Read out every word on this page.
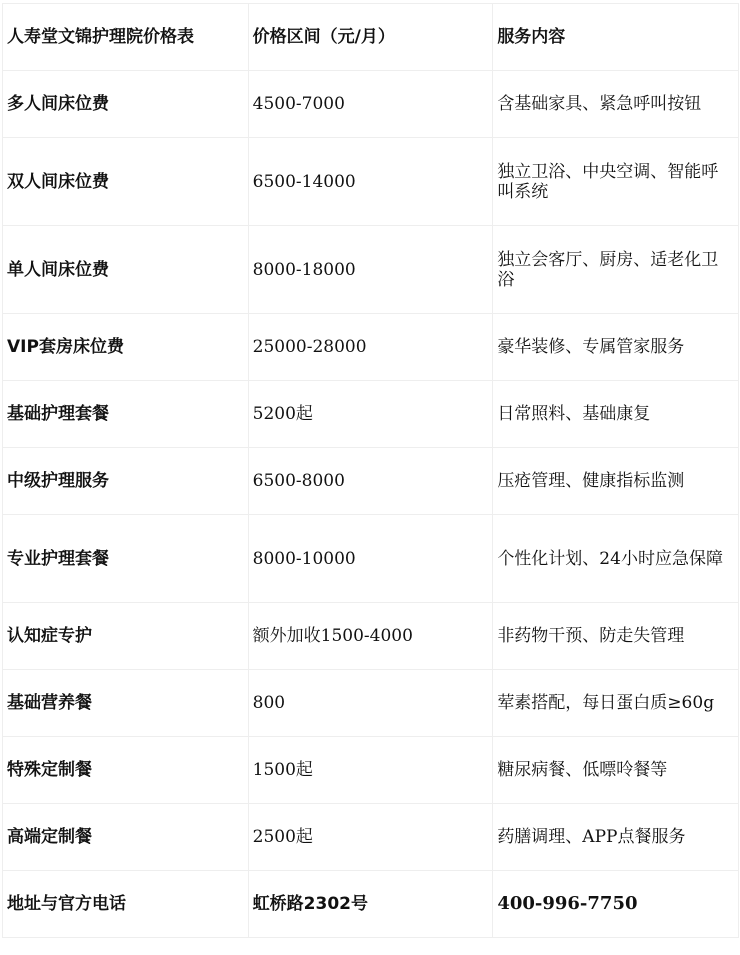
人寿堂文锦护理院价格表	价格区间（元/月）	服务内容
多人间床位费	4500-7000	含基础家具、紧急呼叫按钮
双人间床位费	6500-14000	独立卫浴、中央空调、智能呼叫系统
单人间床位费	8000-18000	独立会客厅、厨房、适老化卫浴
VIP套房床位费	25000-28000	豪华装修、专属管家服务
基础护理套餐	5200起	日常照料、基础康复
中级护理服务	6500-8000	压疮管理、健康指标监测
专业护理套餐	8000-10000	个性化计划、24小时应急保障
认知症专护	额外加收1500-4000	非药物干预、防走失管理
基础营养餐	800	荤素搭配，每日蛋白质≥60g
特殊定制餐	1500起	糖尿病餐、低嘌呤餐等
高端定制餐	2500起	药膳调理、APP点餐服务
地址与官方电话	虹桥路2302号	400-996-7750
